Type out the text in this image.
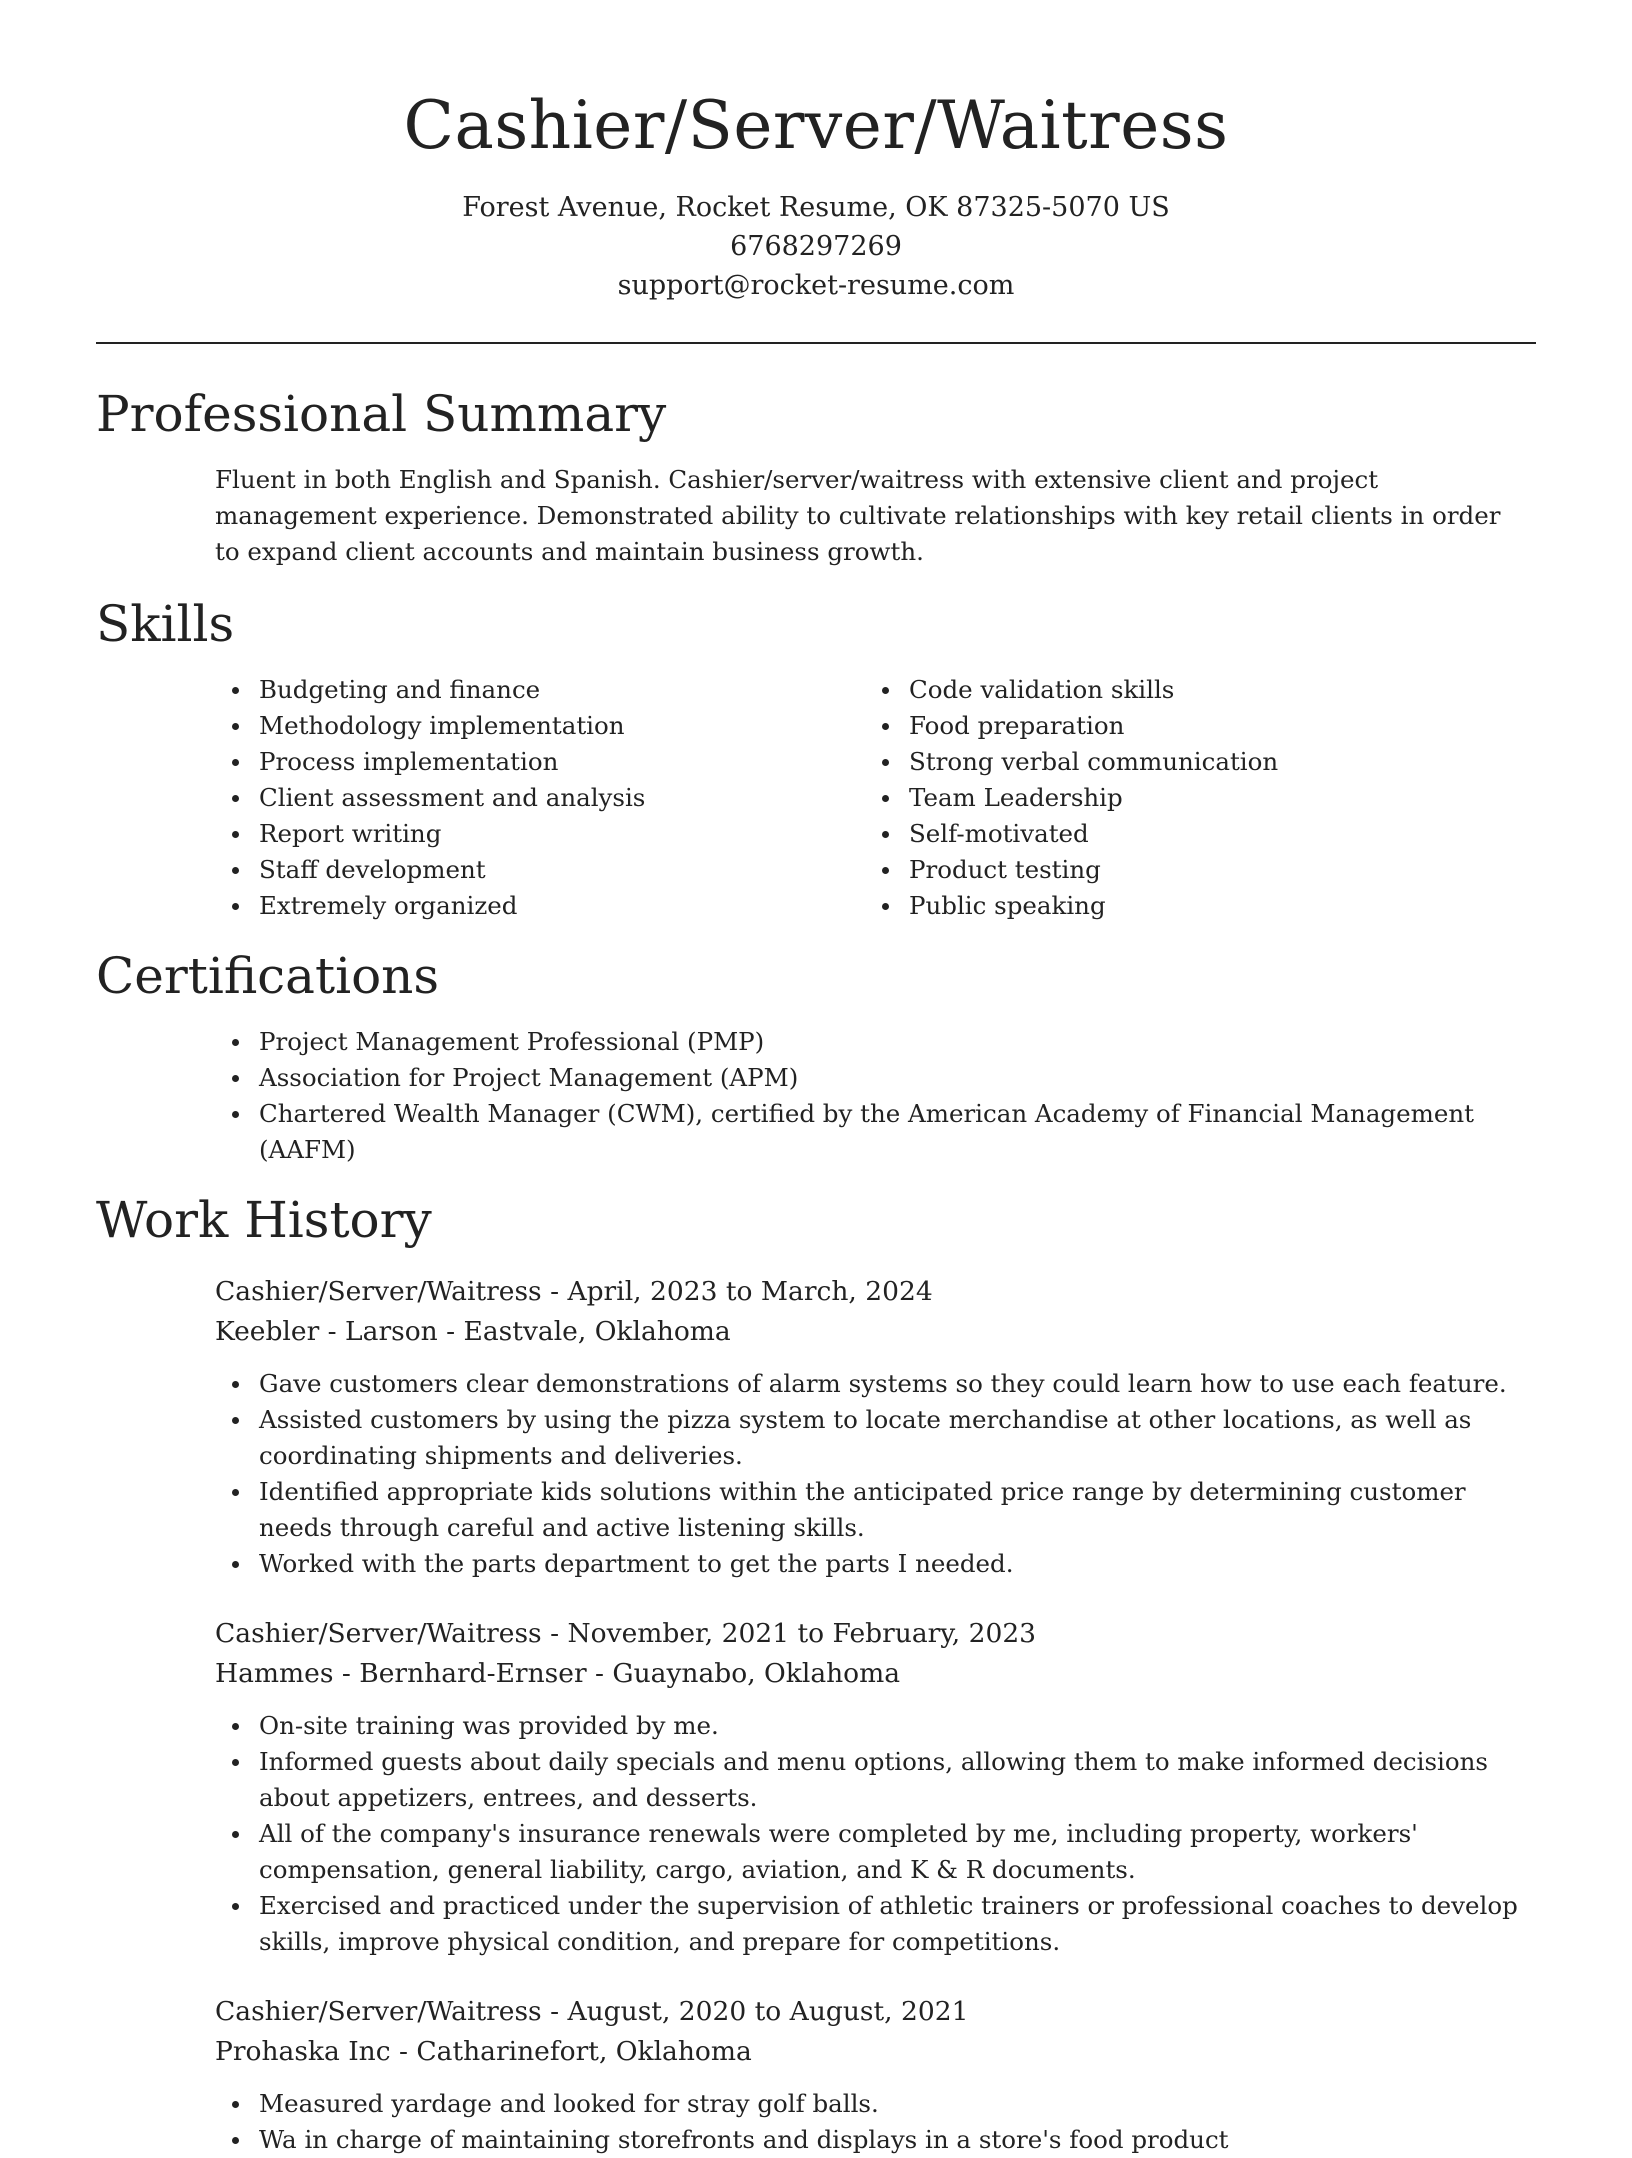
Cashier/Server/Waitress
Forest Avenue, Rocket Resume, OK 87325-5070 US
6768297269
support@rocket-resume.com
Professional Summary

Fluent in both English and Spanish. Cashier/server/waitress with extensive client and project management experience. Demonstrated ability to cultivate relationships with key retail clients in order to expand client accounts and maintain business growth.

Skills
Budgeting and finance
Methodology implementation
Process implementation
Client assessment and analysis
Report writing
Staff development
Extremely organized
Code validation skills
Food preparation
Strong verbal communication
Team Leadership
Self-motivated
Product testing
Public speaking
Certifications
Project Management Professional (PMP)
Association for Project Management (APM)
Chartered Wealth Manager (CWM), certified by the American Academy of Financial Management (AAFM)
Work History
Cashier/Server/Waitress - April, 2023 to March, 2024
Keebler - Larson - Eastvale, Oklahoma
Gave customers clear demonstrations of alarm systems so they could learn how to use each feature.
Assisted customers by using the pizza system to locate merchandise at other locations, as well as coordinating shipments and deliveries.
Identified appropriate kids solutions within the anticipated price range by determining customer needs through careful and active listening skills.
Worked with the parts department to get the parts I needed.
Cashier/Server/Waitress - November, 2021 to February, 2023
Hammes - Bernhard-Ernser - Guaynabo, Oklahoma
On-site training was provided by me.
Informed guests about daily specials and menu options, allowing them to make informed decisions about appetizers, entrees, and desserts.
All of the company's insurance renewals were completed by me, including property, workers' compensation, general liability, cargo, aviation, and K & R documents.
Exercised and practiced under the supervision of athletic trainers or professional coaches to develop skills, improve physical condition, and prepare for competitions.
Cashier/Server/Waitress - August, 2020 to August, 2021
Prohaska Inc - Catharinefort, Oklahoma
Measured yardage and looked for stray golf balls.
Wa in charge of maintaining storefronts and displays in a store's food product
